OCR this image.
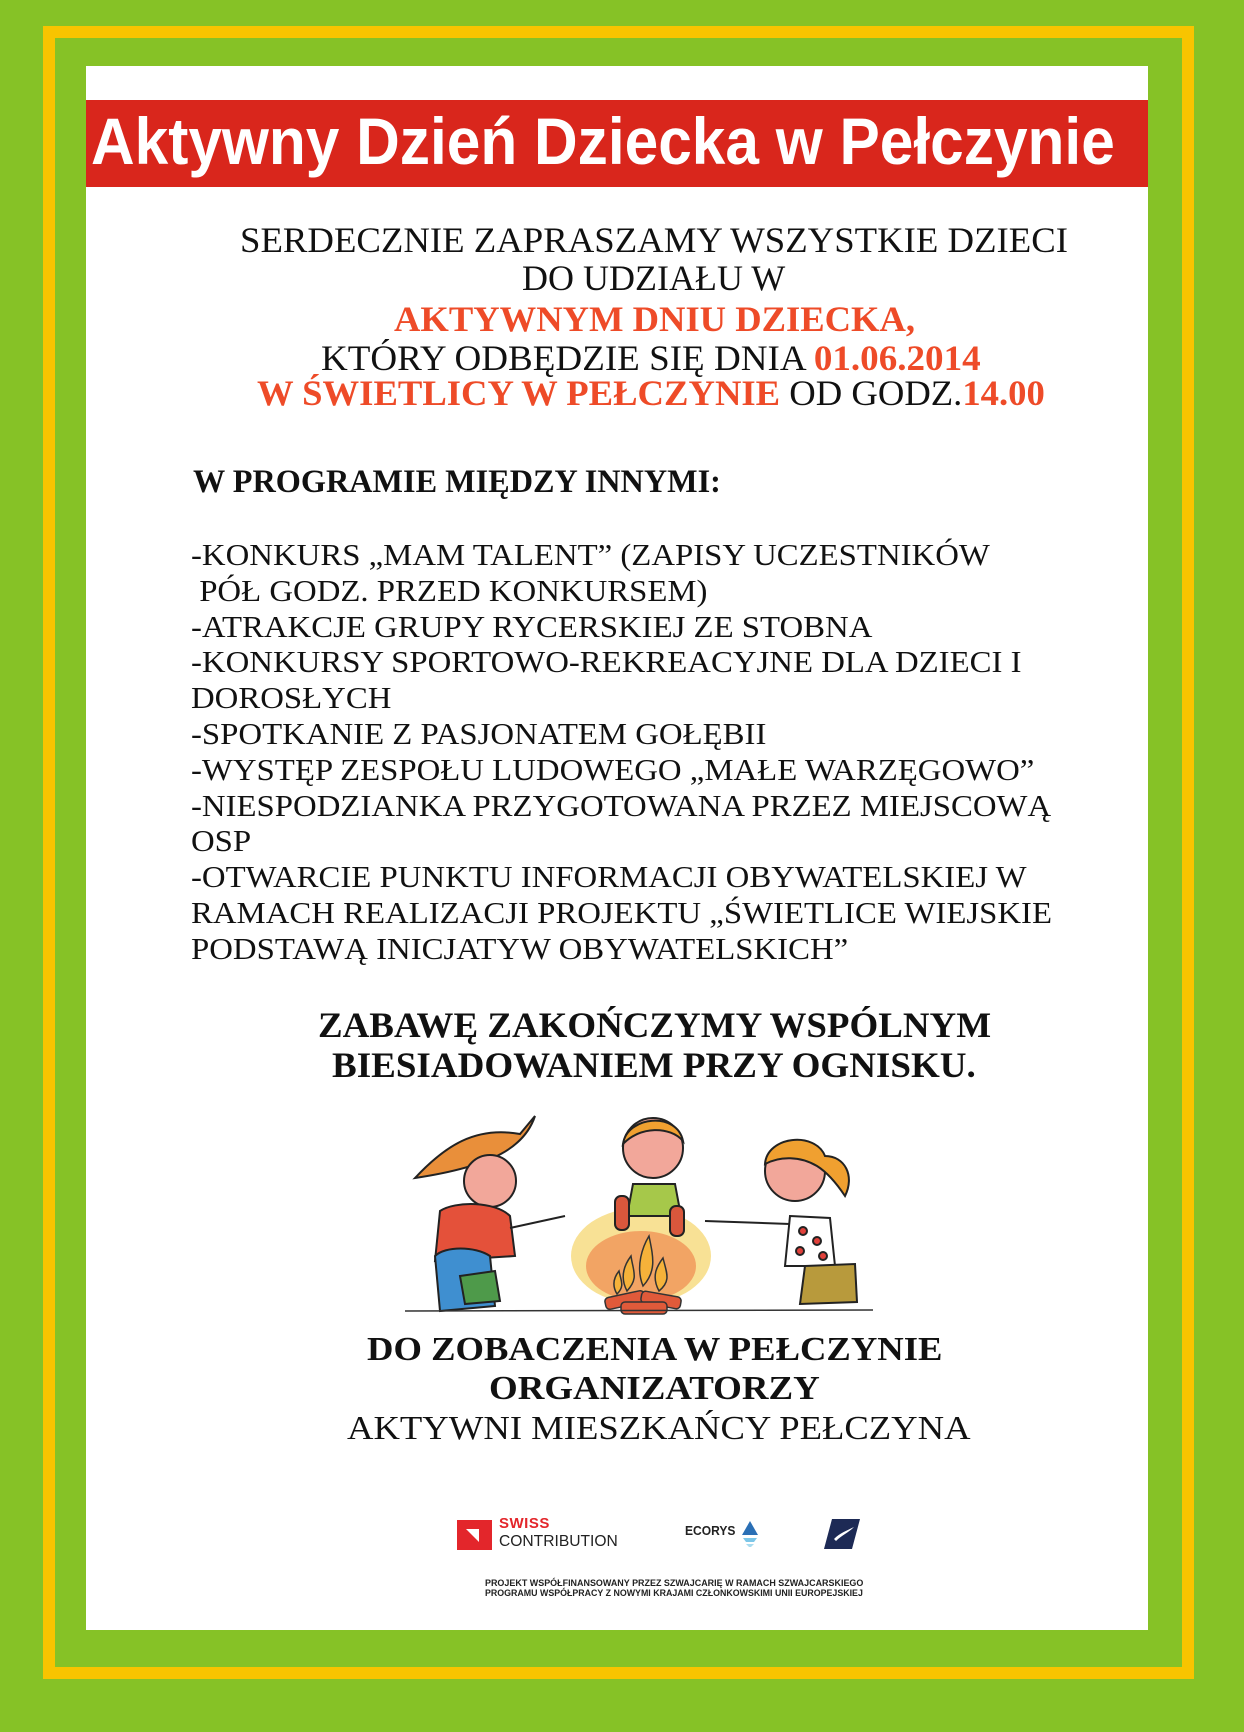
Aktywny Dzień Dziecka w Pełczynie
SERDECZNIE ZAPRASZAMY WSZYSTKIE DZIECI
DO UDZIAŁU W
AKTYWNYM DNIU DZIECKA,
KTÓRY ODBĘDZIE SIĘ DNIA 01.06.2014
W ŚWIETLICY W PEŁCZYNIE OD GODZ.14.00
W PROGRAMIE MIĘDZY INNYMI:
-KONKURS „MAM TALENT” (ZAPISY UCZESTNIKÓW
PÓŁ GODZ. PRZED KONKURSEM)
-ATRAKCJE GRUPY RYCERSKIEJ ZE STOBNA
-KONKURSY SPORTOWO-REKREACYJNE DLA DZIECI I
DOROSŁYCH
-SPOTKANIE Z PASJONATEM GOŁĘBII
-WYSTĘP ZESPOŁU LUDOWEGO „MAŁE WARZĘGOWO”
-NIESPODZIANKA PRZYGOTOWANA PRZEZ MIEJSCOWĄ
OSP
-OTWARCIE PUNKTU INFORMACJI OBYWATELSKIEJ W
RAMACH REALIZACJI PROJEKTU „ŚWIETLICE WIEJSKIE
PODSTAWĄ INICJATYW OBYWATELSKICH”
ZABAWĘ ZAKOŃCZYMY WSPÓLNYM
BIESIADOWANIEM PRZY OGNISKU.
DO ZOBACZENIA W PEŁCZYNIE
ORGANIZATORZY
AKTYWNI MIESZKAŃCY PEŁCZYNA
SWISS
CONTRIBUTION
ECORYS
PROJEKT WSPÓŁFINANSOWANY PRZEZ SZWAJCARIĘ W RAMACH SZWAJCARSKIEGO
PROGRAMU WSPÓŁPRACY Z NOWYMI KRAJAMI CZŁONKOWSKIMI UNII EUROPEJSKIEJ
